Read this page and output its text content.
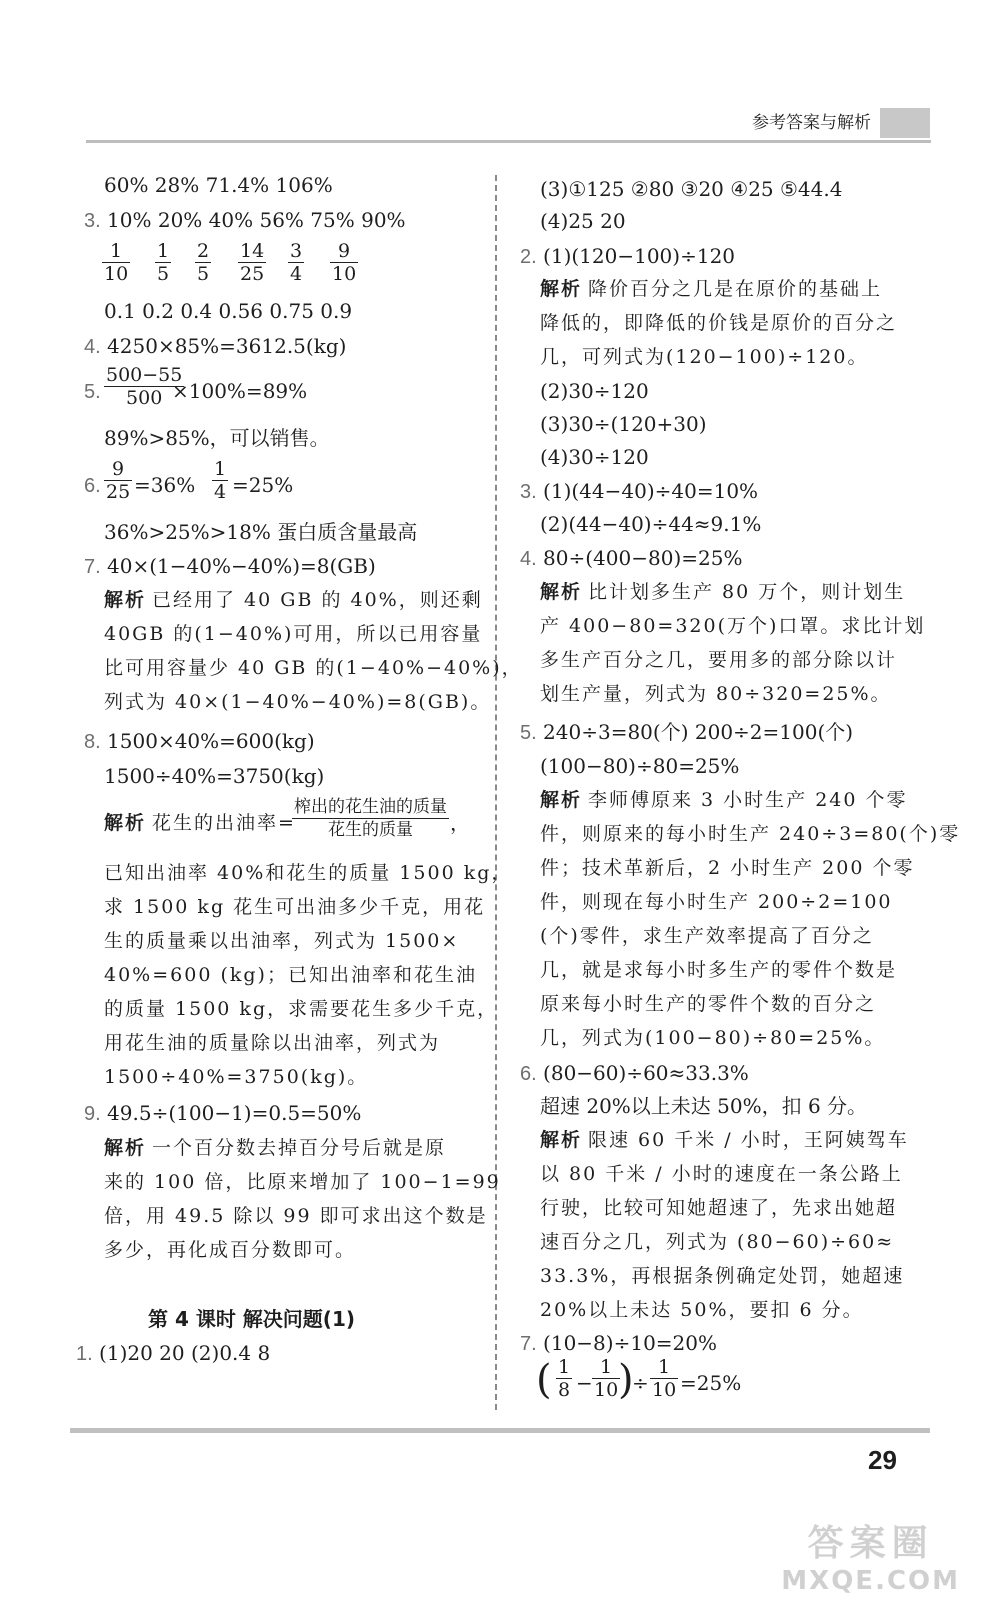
参考答案与解析
60% 28% 71.4% 106%
3. 10% 20% 40% 56% 75% 90%
$\frac{1}{10} \frac{1}{5} \frac{2}{5} \frac{14}{25} \frac{3}{4} \frac{9}{10}$
0.1 0.2 0.4 0.56 0.75 0.9
4. 4250×85%=3612.5(kg)
5. $\frac{500-55}{500}$
×100%=89%
89%>85%，可以销售。
6. $\frac{9}{25} =36\% \frac{1}{4} =25\%$
36%>25%>18% 蛋白质含量最高
7. 40×(1−40%−40%)=8(GB)
解析 已经用了 40 GB 的 40%，则还剩
40GB 的(1−40%)可用，所以已用容量
比可用容量少 40 GB 的(1−40%−40%)，
列式为 40×(1−40%−40%)=8(GB)。
8. 1500×40%=600(kg)
1500÷40%=3750(kg)
解析 花生的出油率=
榨出的花生油的质量
花生的质量	，
已知出油率 40%和花生的质量 1500 kg，
求 1500 kg 花生可出油多少千克，用花
生的质量乘以出油率，列式为 1500×
40%=600 (kg)；已知出油率和花生油
的质量 1500 kg，求需要花生多少千克，
用花生油的质量除以出油率，列式为
1500÷40%=3750(kg)。
9. 49.5÷(100−1)=0.5=50%
解析 一个百分数去掉百分号后就是原
来的 100 倍，比原来增加了 100−1=99
倍，用 49.5 除以 99 即可求出这个数是
多少，再化成百分数即可。
第 4 课时 解决问题(1)
1. (1)20 20 (2)0.4 8
(3)①125 ②80 ③20 ④25 ⑤44.4
(4)25 20
2. (1)(120−100)÷120
解析 降价百分之几是在原价的基础上
降低的，即降低的价钱是原价的百分之
几，可列式为(120−100)÷120。
(2)30÷120
(3)30÷(120+30)
(4)30÷120
3. (1)(44−40)÷40=10%
(2)(44−40)÷44≈9.1%
4. 80÷(400−80)=25%
解析 比计划多生产 80 万个，则计划生
产 400−80=320(万个)口罩。求比计划
多生产百分之几，要用多的部分除以计
划生产量，列式为 80÷320=25%。
5. 240÷3=80(个) 200÷2=100(个)
(100−80)÷80=25%
解析 李师傅原来 3 小时生产 240 个零
件，则原来的每小时生产 240÷3=80(个)零
件；技术革新后，2 小时生产 200 个零
件，则现在每小时生产 200÷2=100
(个)零件，求生产效率提高了百分之
几，就是求每小时多生产的零件个数是
原来每小时生产的零件个数的百分之
几，列式为(100−80)÷80=25%。
6. (80−60)÷60≈33.3%
超速 20%以上未达 50%，扣 6 分。
解析 限速 60 千米 / 小时，王阿姨驾车
以 80 千米 / 小时的速度在一条公路上
行驶，比较可知她超速了，先求出她超
速百分之几，列式为 (80−60)÷60≈
33.3%，再根据条例确定处罚，她超速
20%以上未达 50%，要扣 6 分。
7. (10−8)÷10=20%
( $\frac{1}{8} - \frac{1}{10}$
)
÷ $\frac{1}{10} =25\%$
29
答案圈
MXQE.COM
